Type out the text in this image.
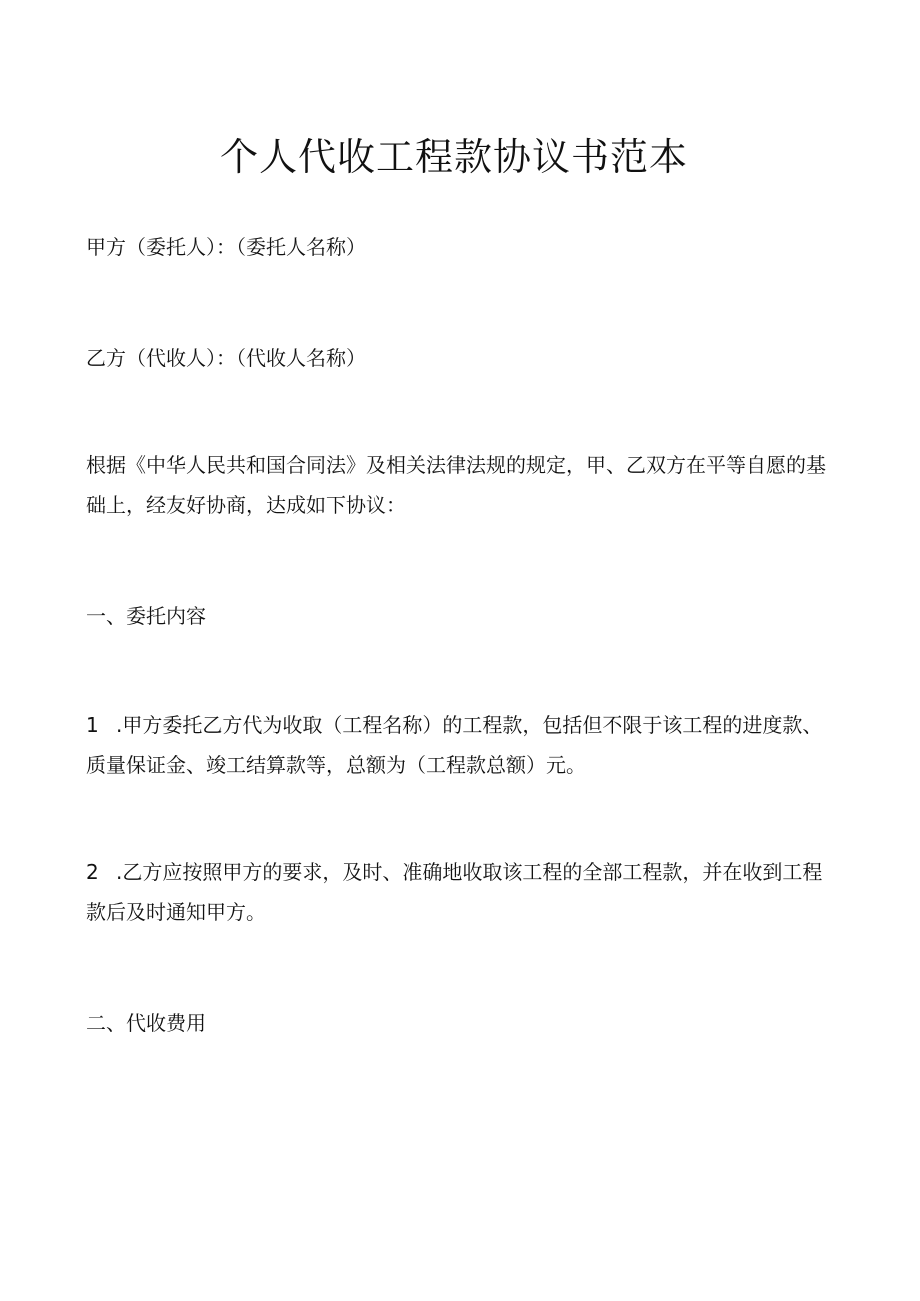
个人代收工程款协议书范本

甲方（委托人）：（委托人名称）

乙方（代收人）：（代收人名称）

根据《中华人民共和国合同法》及相关法律法规的规定，甲、乙双方在平等自愿的基础上，经友好协商，达成如下协议：

一、委托内容

1 .甲方委托乙方代为收取（工程名称）的工程款，包括但不限于该工程的进度款、质量保证金、竣工结算款等，总额为（工程款总额）元。

2 .乙方应按照甲方的要求，及时、准确地收取该工程的全部工程款，并在收到工程款后及时通知甲方。

二、代收费用
